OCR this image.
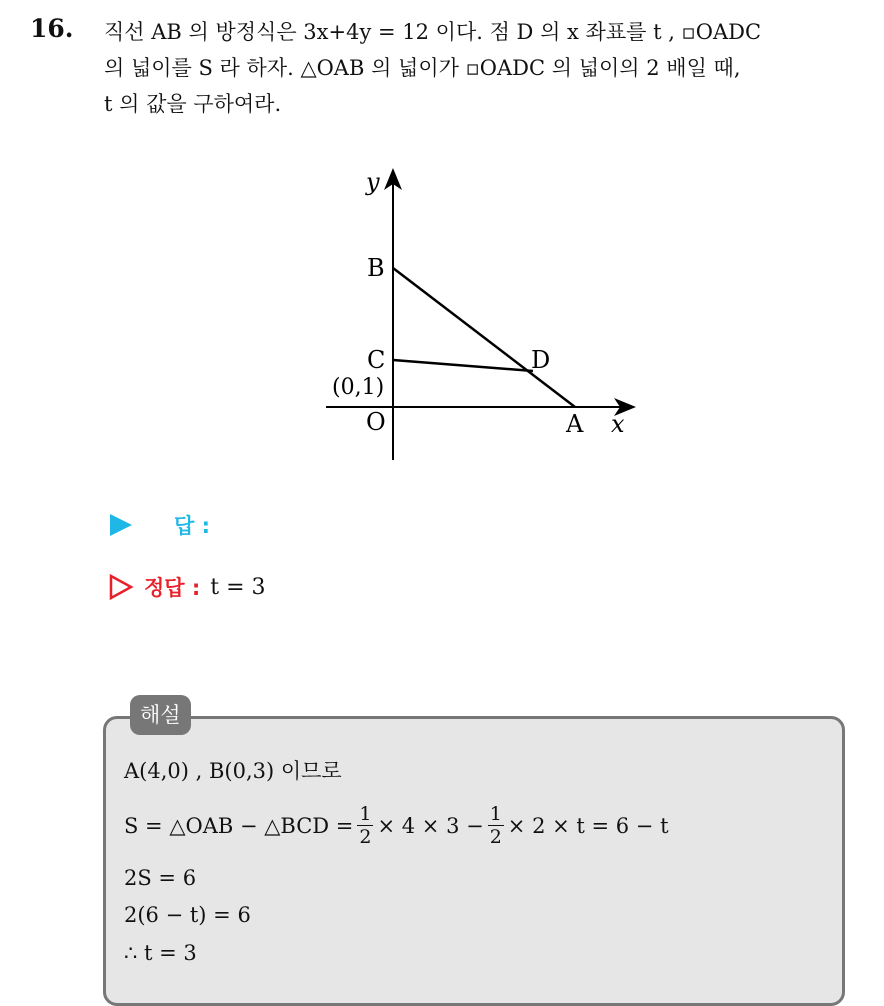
16. 직선 AB 의 방정식은 3x+4y = 12 이다. 점 D 의 x 좌표를 t , ▫OADC
의 넓이를 S 라 하자. △OAB 의 넓이가 ▫OADC 의 넓이의 2 배일 때,
t 의 값을 구하여라.
y
x
B
C	D
(0,1)
O	A
답 :
정답 : t = 3
해설
A(4,0) , B(0,3) 이므로
S = △OAB − △BCD = $\frac{1}{2} \times 4 \times 3 - \frac{1}{2} \times 2 \times t = 6 - t$
2S = 6
2(6 − t) = 6
∴ t = 3
